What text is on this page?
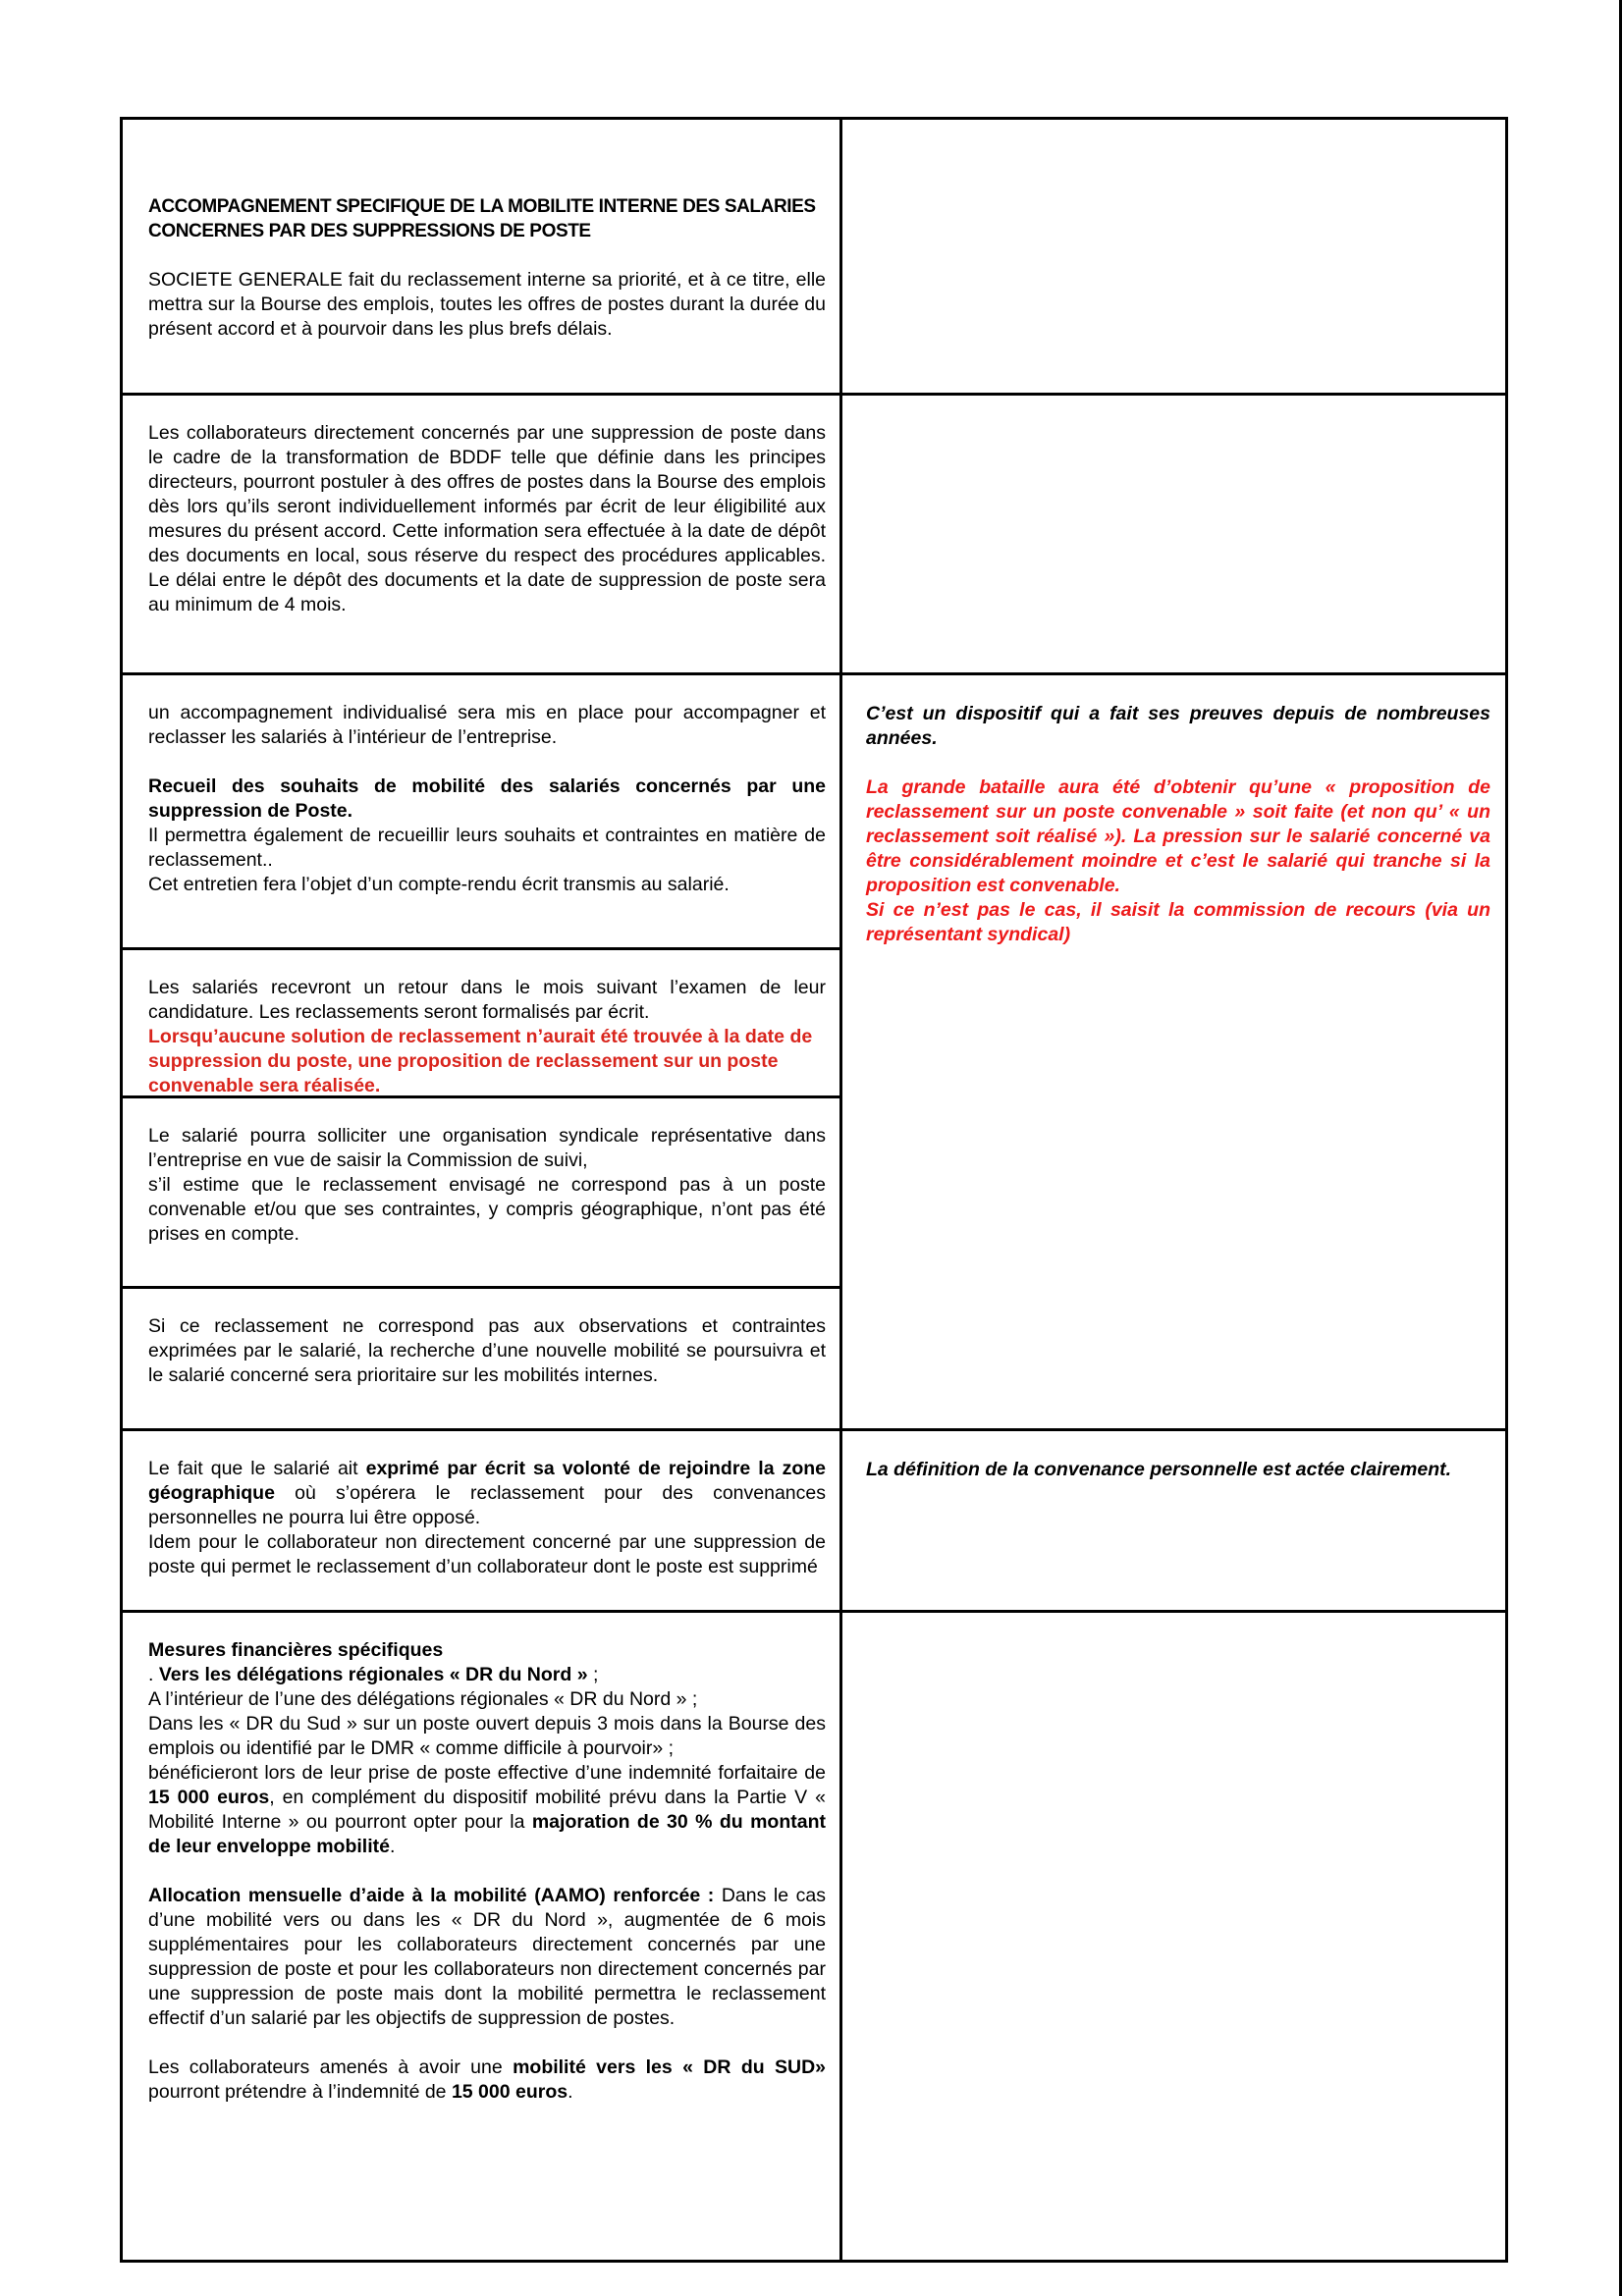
ACCOMPAGNEMENT SPECIFIQUE DE LA MOBILITE INTERNE DES SALARIES CONCERNES PAR DES SUPPRESSIONS DE POSTE

SOCIETE GENERALE fait du reclassement interne sa priorité, et à ce titre, elle mettra sur la Bourse des emplois, toutes les offres de postes durant la durée du présent accord et à pourvoir dans les plus brefs délais.

Les collaborateurs directement concernés par une suppression de poste dans le cadre de la transformation de BDDF telle que définie dans les principes directeurs, pourront postuler à des offres de postes dans la Bourse des emplois dès lors qu’ils seront individuellement informés par écrit de leur éligibilité aux mesures du présent accord. Cette information sera effectuée à la date de dépôt des documents en local, sous réserve du respect des procédures applicables. Le délai entre le dépôt des documents et la date de suppression de poste sera au minimum de 4 mois.

un accompagnement individualisé sera mis en place pour accompagner et reclasser les salariés à l’intérieur de l’entreprise.

Recueil des souhaits de mobilité des salariés concernés par une suppression de Poste.

Il permettra également de recueillir leurs souhaits et contraintes en matière de reclassement..

Cet entretien fera l’objet d’un compte-rendu écrit transmis au salarié.

C’est un dispositif qui a fait ses preuves depuis de nombreuses années.

La grande bataille aura été d’obtenir qu’une « proposition de reclassement sur un poste convenable » soit faite (et non qu’ « un reclassement soit réalisé »). La pression sur le salarié concerné va être considérablement moindre et c’est le salarié qui tranche si la proposition est convenable.

Si ce n’est pas le cas, il saisit la commission de recours (via un représentant syndical)

Les salariés recevront un retour dans le mois suivant l’examen de leur candidature. Les reclassements seront formalisés par écrit.

Lorsqu’aucune solution de reclassement n’aurait été trouvée à la date de suppression du poste, une proposition de reclassement sur un poste convenable sera réalisée.

Le salarié pourra solliciter une organisation syndicale représentative dans l’entreprise en vue de saisir la Commission de suivi,

s’il estime que le reclassement envisagé ne correspond pas à un poste convenable et/ou que ses contraintes, y compris géographique, n’ont pas été prises en compte.

Si ce reclassement ne correspond pas aux observations et contraintes exprimées par le salarié, la recherche d’une nouvelle mobilité se poursuivra et le salarié concerné sera prioritaire sur les mobilités internes.

Le fait que le salarié ait exprimé par écrit sa volonté de rejoindre la zone géographique où s’opérera le reclassement pour des convenances personnelles ne pourra lui être opposé.

Idem pour le collaborateur non directement concerné par une suppression de poste qui permet le reclassement d’un collaborateur dont le poste est supprimé

La définition de la convenance personnelle est actée clairement.

Mesures financières spécifiques

. Vers les délégations régionales « DR du Nord » ;

A l’intérieur de l’une des délégations régionales « DR du Nord » ;

Dans les « DR du Sud » sur un poste ouvert depuis 3 mois dans la Bourse des emplois ou identifié par le DMR « comme difficile à pourvoir» ;

bénéficieront lors de leur prise de poste effective d’une indemnité forfaitaire de 15 000 euros, en complément du dispositif mobilité prévu dans la Partie V « Mobilité Interne » ou pourront opter pour la majoration de 30 % du montant de leur enveloppe mobilité.

Allocation mensuelle d’aide à la mobilité (AAMO) renforcée : Dans le cas d’une mobilité vers ou dans les « DR du Nord », augmentée de 6 mois supplémentaires pour les collaborateurs directement concernés par une suppression de poste et pour les collaborateurs non directement concernés par une suppression de poste mais dont la mobilité permettra le reclassement effectif d’un salarié par les objectifs de suppression de postes.

Les collaborateurs amenés à avoir une mobilité vers les « DR du SUD» pourront prétendre à l’indemnité de 15 000 euros.
